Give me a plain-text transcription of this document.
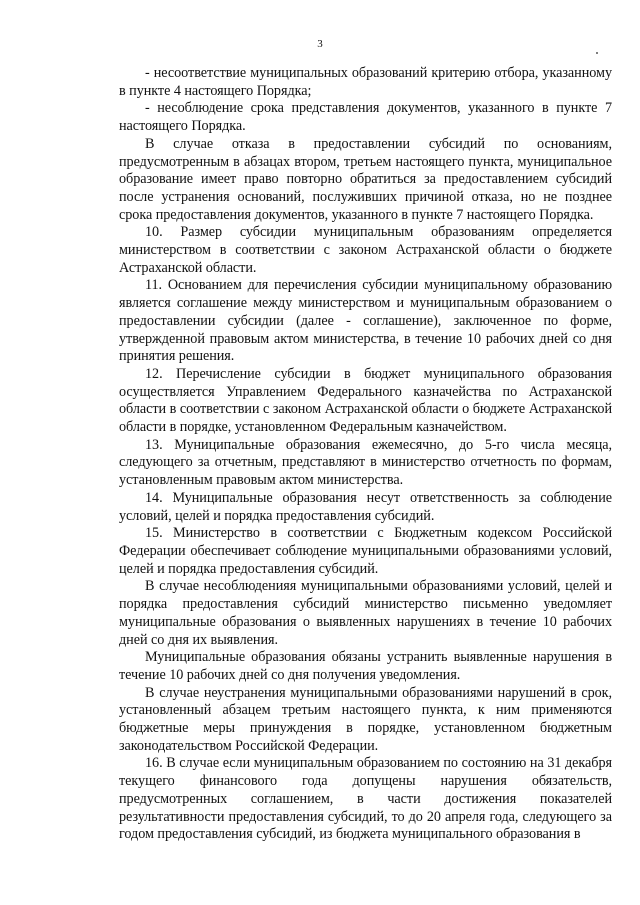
3

- несоответствие муниципальных образований критерию отбора, указанному в пункте 4 настоящего Порядка;

- несоблюдение срока представления документов, указанного в пункте 7 настоящего Порядка.

В случае отказа в предоставлении субсидий по основаниям, предусмотренным в абзацах втором, третьем настоящего пункта, муниципальное образование имеет право повторно обратиться за предоставлением субсидий после устранения оснований, послуживших причиной отказа, но не позднее срока предоставления документов, указанного в пункте 7 настоящего Порядка.

10. Размер субсидии муниципальным образованиям определяется министерством в соответствии с законом Астраханской области о бюджете Астраханской области.

11. Основанием для перечисления субсидии муниципальному образованию является соглашение между министерством и муниципальным образованием о предоставлении субсидии (далее - соглашение), заключенное по форме, утвержденной правовым актом министерства, в течение 10 рабочих дней со дня принятия решения.

12. Перечисление субсидии в бюджет муниципального образования осуществляется Управлением Федерального казначейства по Астраханской области в соответствии с законом Астраханской области о бюджете Астраханской области в порядке, установленном Федеральным казначейством.

13. Муниципальные образования ежемесячно, до 5-го числа месяца, следующего за отчетным, представляют в министерство отчетность по формам, установленным правовым актом министерства.

14. Муниципальные образования несут ответственность за соблюдение условий, целей и порядка предоставления субсидий.

15. Министерство в соответствии с Бюджетным кодексом Российской Федерации обеспечивает соблюдение муниципальными образованиями условий, целей и порядка предоставления субсидий.

В случае несоблюденияя муниципальными образованиями условий, целей и порядка предоставления субсидий министерство письменно уведомляет муниципальные образования о выявленных нарушениях в течение 10 рабочих дней со дня их выявления.

Муниципальные образования обязаны устранить выявленные нарушения в течение 10 рабочих дней со дня получения уведомления.

В случае неустранения муниципальными образованиями нарушений в срок, установленный абзацем третьим настоящего пункта, к ним применяются бюджетные меры принуждения в порядке, установленном бюджетным законодательством Российской Федерации.

16. В случае если муниципальным образованием по состоянию на 31 декабря текущего финансового года допущены нарушения обязательств, предусмотренных соглашением, в части достижения показателей результативности предоставления субсидий, то до 20 апреля года, следующего за годом предоставления субсидий, из бюджета муниципального образования в
